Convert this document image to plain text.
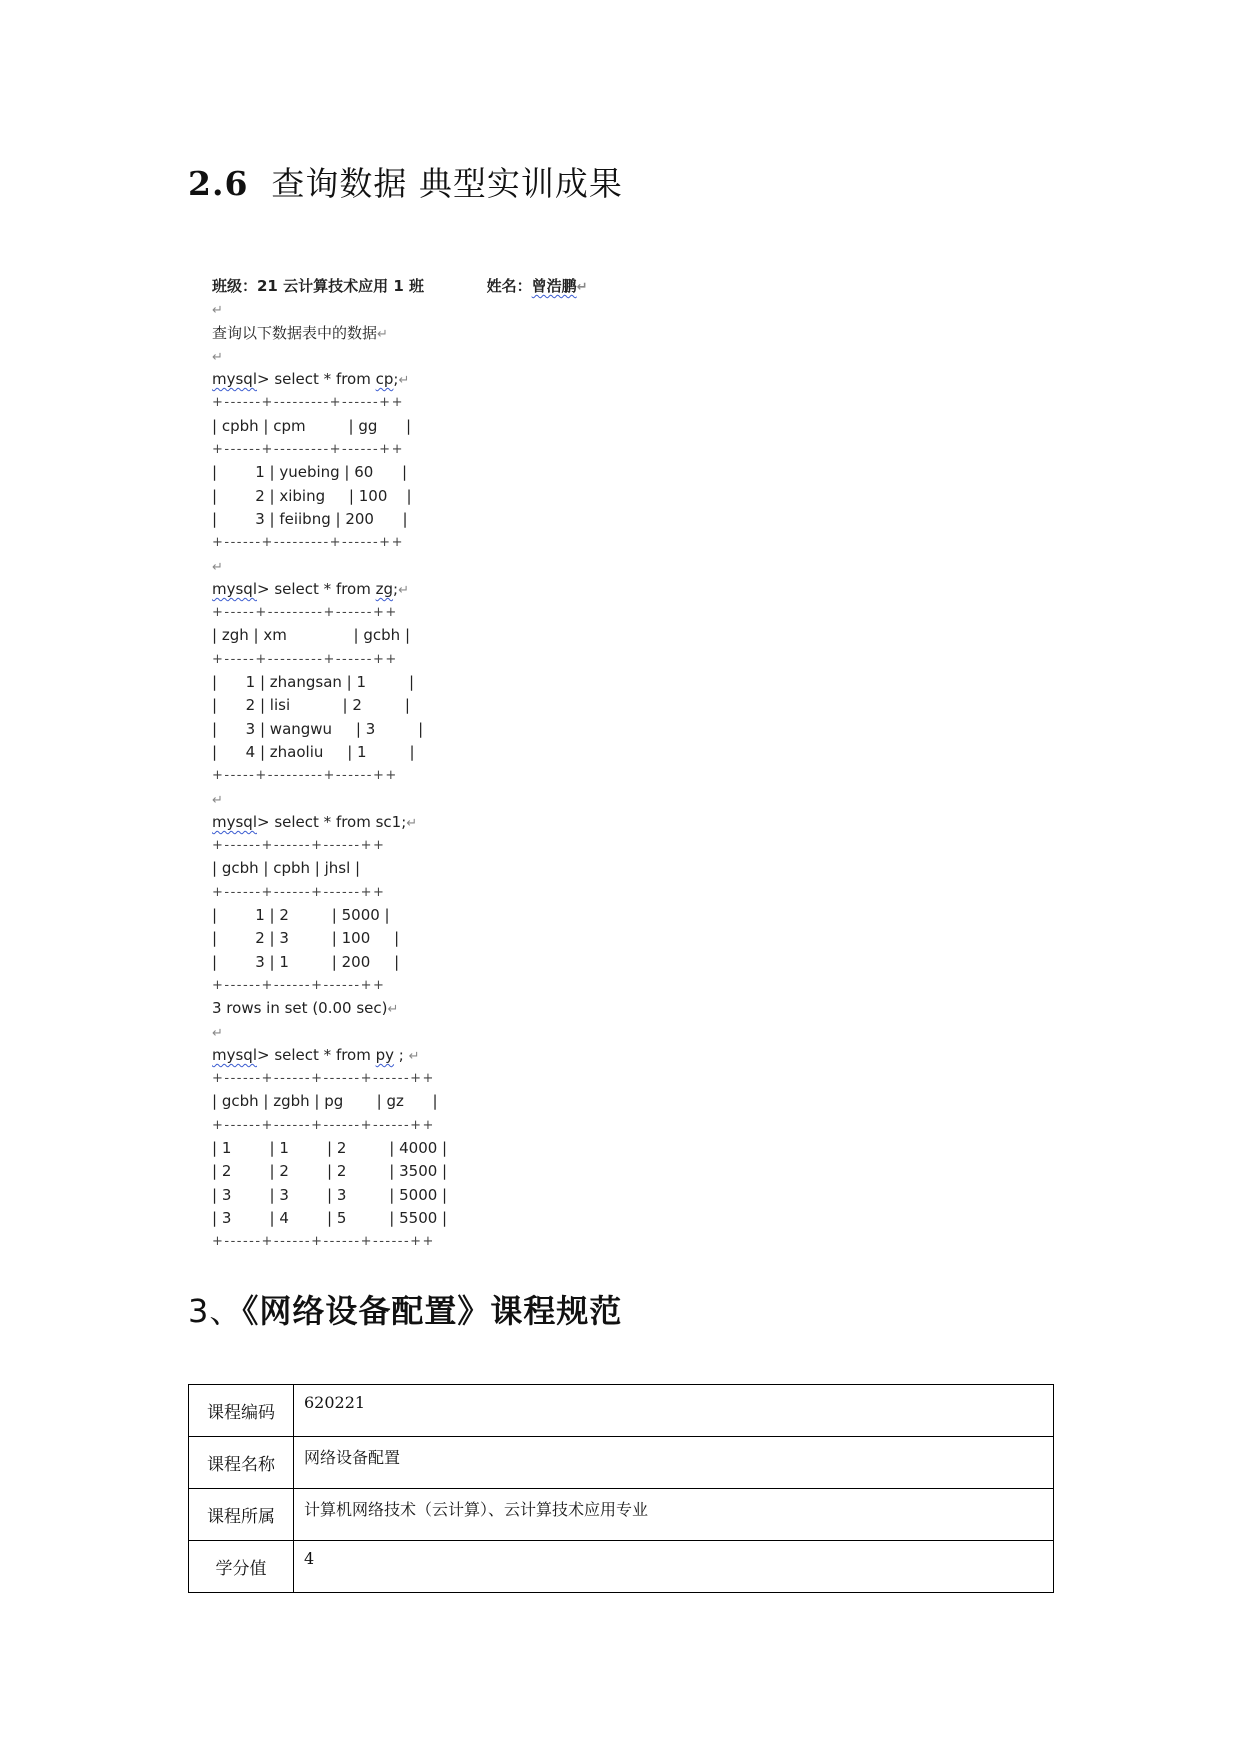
2.6 查询数据 典型实训成果
班级：21 云计算技术应用 1 班	姓名：曾浩鹏↵
↵
查询以下数据表中的数据↵
↵
mysql> select * from cp;↵
+------+---------+------++
| cpbh | cpm         | gg      |
+------+---------+------++
|        1 | yuebing | 60      |
|        2 | xibing     | 100    |
|        3 | feiibng | 200      |
+------+---------+------++
↵
mysql> select * from zg;↵
+-----+---------+------++
| zgh | xm              | gcbh |
+-----+---------+------++
|      1 | zhangsan | 1         |
|      2 | lisi           | 2         |
|      3 | wangwu     | 3         |
|      4 | zhaoliu     | 1         |
+-----+---------+------++
↵
mysql> select * from sc1;↵
+------+------+------++
| gcbh | cpbh | jhsl |
+------+------+------++
|        1 | 2         | 5000 |
|        2 | 3         | 100     |
|        3 | 1         | 200     |
+------+------+------++
3 rows in set (0.00 sec)↵
↵
mysql> select * from py ; ↵
+------+------+------+------++
| gcbh | zgbh | pg       | gz      |
+------+------+------+------++
| 1        | 1        | 2         | 4000 |
| 2        | 2        | 2         | 3500 |
| 3        | 3        | 3         | 5000 |
| 3        | 4        | 5         | 5500 |
+------+------+------+------++
3、《网络设备配置》课程规范
课程编码	620221
课程名称	网络设备配置
课程所属	计算机网络技术（云计算）、云计算技术应用专业
学分值	4
